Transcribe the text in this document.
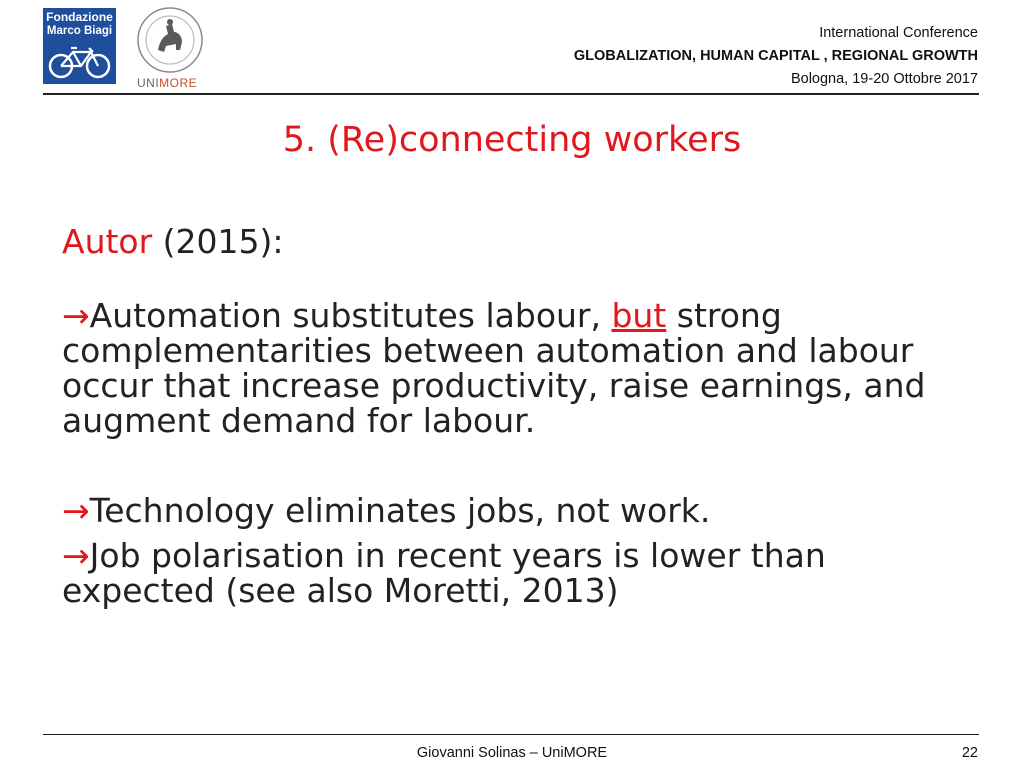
Fondazione
Marco Biagi
UNIMORE
International Conference
GLOBALIZATION, HUMAN CAPITAL , REGIONAL GROWTH
Bologna, 19-20 Ottobre 2017
5. (Re)connecting workers
Autor (2015):
→Automation substitutes labour, but strong complementarities between automation and labour occur that increase productivity, raise earnings, and augment demand for labour.
→Technology eliminates jobs, not work.
→Job polarisation in recent years is lower than expected (see also Moretti, 2013)
Giovanni Solinas – UniMORE	22
